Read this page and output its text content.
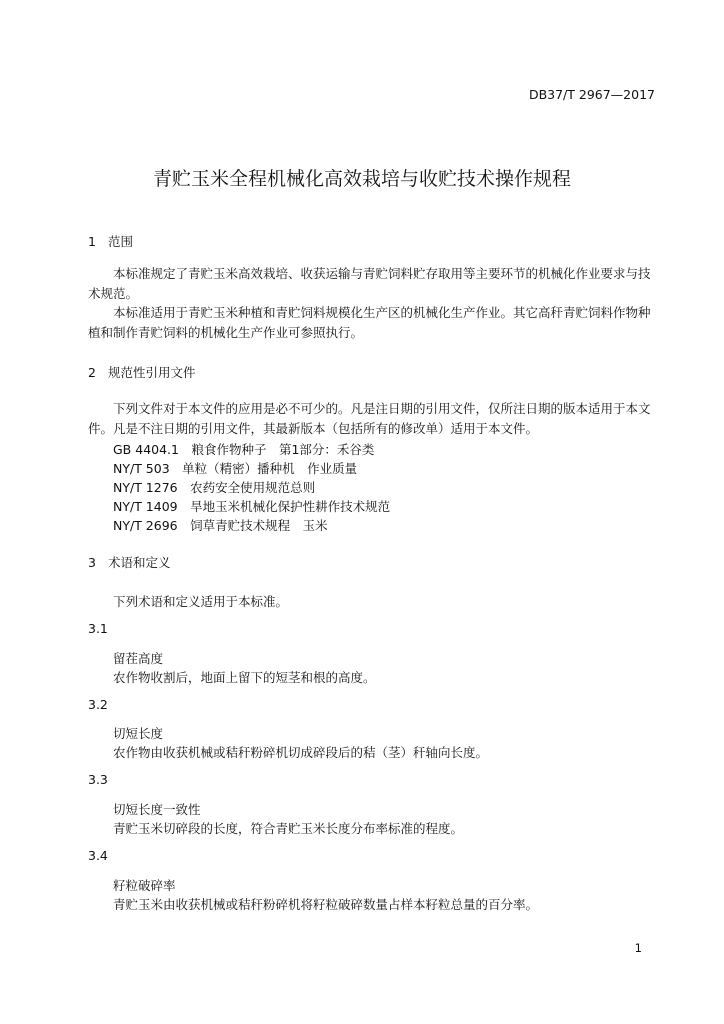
DB37/T 2967—2017
青贮玉米全程机械化高效栽培与收贮技术操作规程
1 范围
本标准规定了青贮玉米高效栽培、收获运输与青贮饲料贮存取用等主要环节的机械化作业要求与技术规范。
本标准适用于青贮玉米种植和青贮饲料规模化生产区的机械化生产作业。其它高秆青贮饲料作物种植和制作青贮饲料的机械化生产作业可参照执行。
2 规范性引用文件
下列文件对于本文件的应用是必不可少的。凡是注日期的引用文件，仅所注日期的版本适用于本文件。凡是不注日期的引用文件，其最新版本（包括所有的修改单）适用于本文件。
GB 4404.1　粮食作物种子　第1部分：禾谷类
NY/T 503　单粒（精密）播种机　作业质量
NY/T 1276　农药安全使用规范总则
NY/T 1409　旱地玉米机械化保护性耕作技术规范
NY/T 2696　饲草青贮技术规程　玉米
3 术语和定义
下列术语和定义适用于本标准。
3.1
留茬高度
农作物收割后，地面上留下的短茎和根的高度。
3.2
切短长度
农作物由收获机械或秸秆粉碎机切成碎段后的秸（茎）秆轴向长度。
3.3
切短长度一致性
青贮玉米切碎段的长度，符合青贮玉米长度分布率标准的程度。
3.4
籽粒破碎率
青贮玉米由收获机械或秸秆粉碎机将籽粒破碎数量占样本籽粒总量的百分率。
1
